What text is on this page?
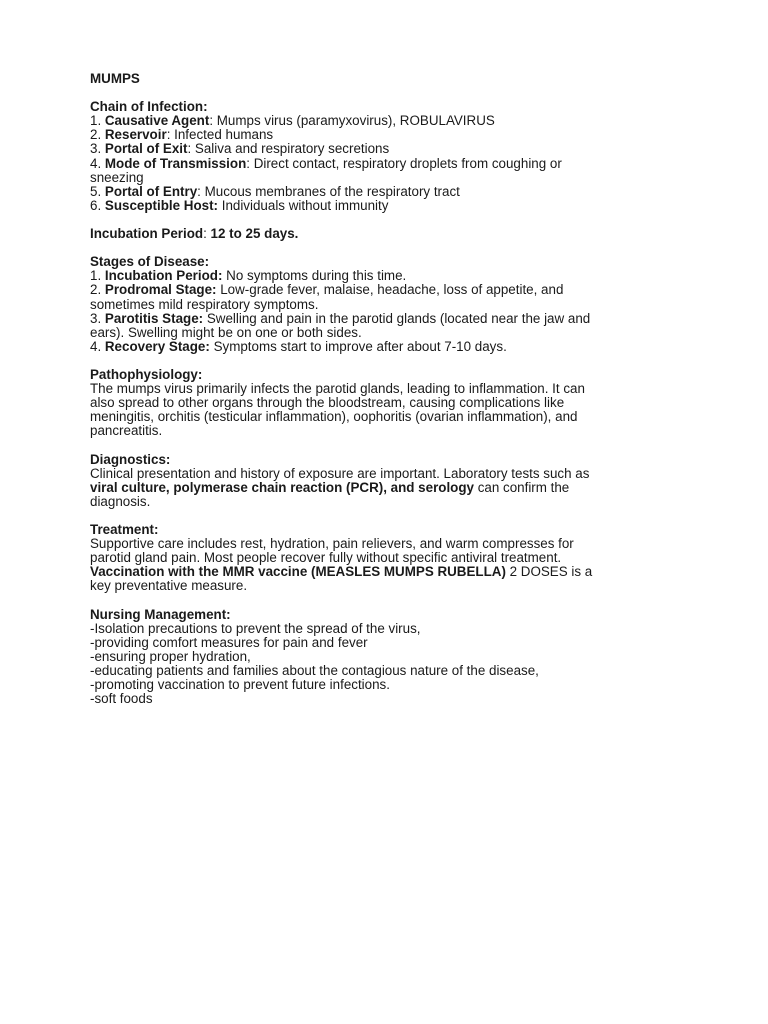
MUMPS
Chain of Infection:
1. Causative Agent: Mumps virus (paramyxovirus), ROBULAVIRUS
2. Reservoir: Infected humans
3. Portal of Exit: Saliva and respiratory secretions
4. Mode of Transmission: Direct contact, respiratory droplets from coughing or
sneezing
5. Portal of Entry: Mucous membranes of the respiratory tract
6. Susceptible Host: Individuals without immunity
Incubation Period: 12 to 25 days.
Stages of Disease:
1. Incubation Period: No symptoms during this time.
2. Prodromal Stage: Low-grade fever, malaise, headache, loss of appetite, and
sometimes mild respiratory symptoms.
3. Parotitis Stage: Swelling and pain in the parotid glands (located near the jaw and
ears). Swelling might be on one or both sides.
4. Recovery Stage: Symptoms start to improve after about 7-10 days.
Pathophysiology:
The mumps virus primarily infects the parotid glands, leading to inflammation. It can
also spread to other organs through the bloodstream, causing complications like
meningitis, orchitis (testicular inflammation), oophoritis (ovarian inflammation), and
pancreatitis.
Diagnostics:
Clinical presentation and history of exposure are important. Laboratory tests such as
viral culture, polymerase chain reaction (PCR), and serology can confirm the
diagnosis.
Treatment:
Supportive care includes rest, hydration, pain relievers, and warm compresses for
parotid gland pain. Most people recover fully without specific antiviral treatment.
Vaccination with the MMR vaccine (MEASLES MUMPS RUBELLA) 2 DOSES is a
key preventative measure.
Nursing Management:
-Isolation precautions to prevent the spread of the virus,
-providing comfort measures for pain and fever
-ensuring proper hydration,
-educating patients and families about the contagious nature of the disease,
-promoting vaccination to prevent future infections.
-soft foods
